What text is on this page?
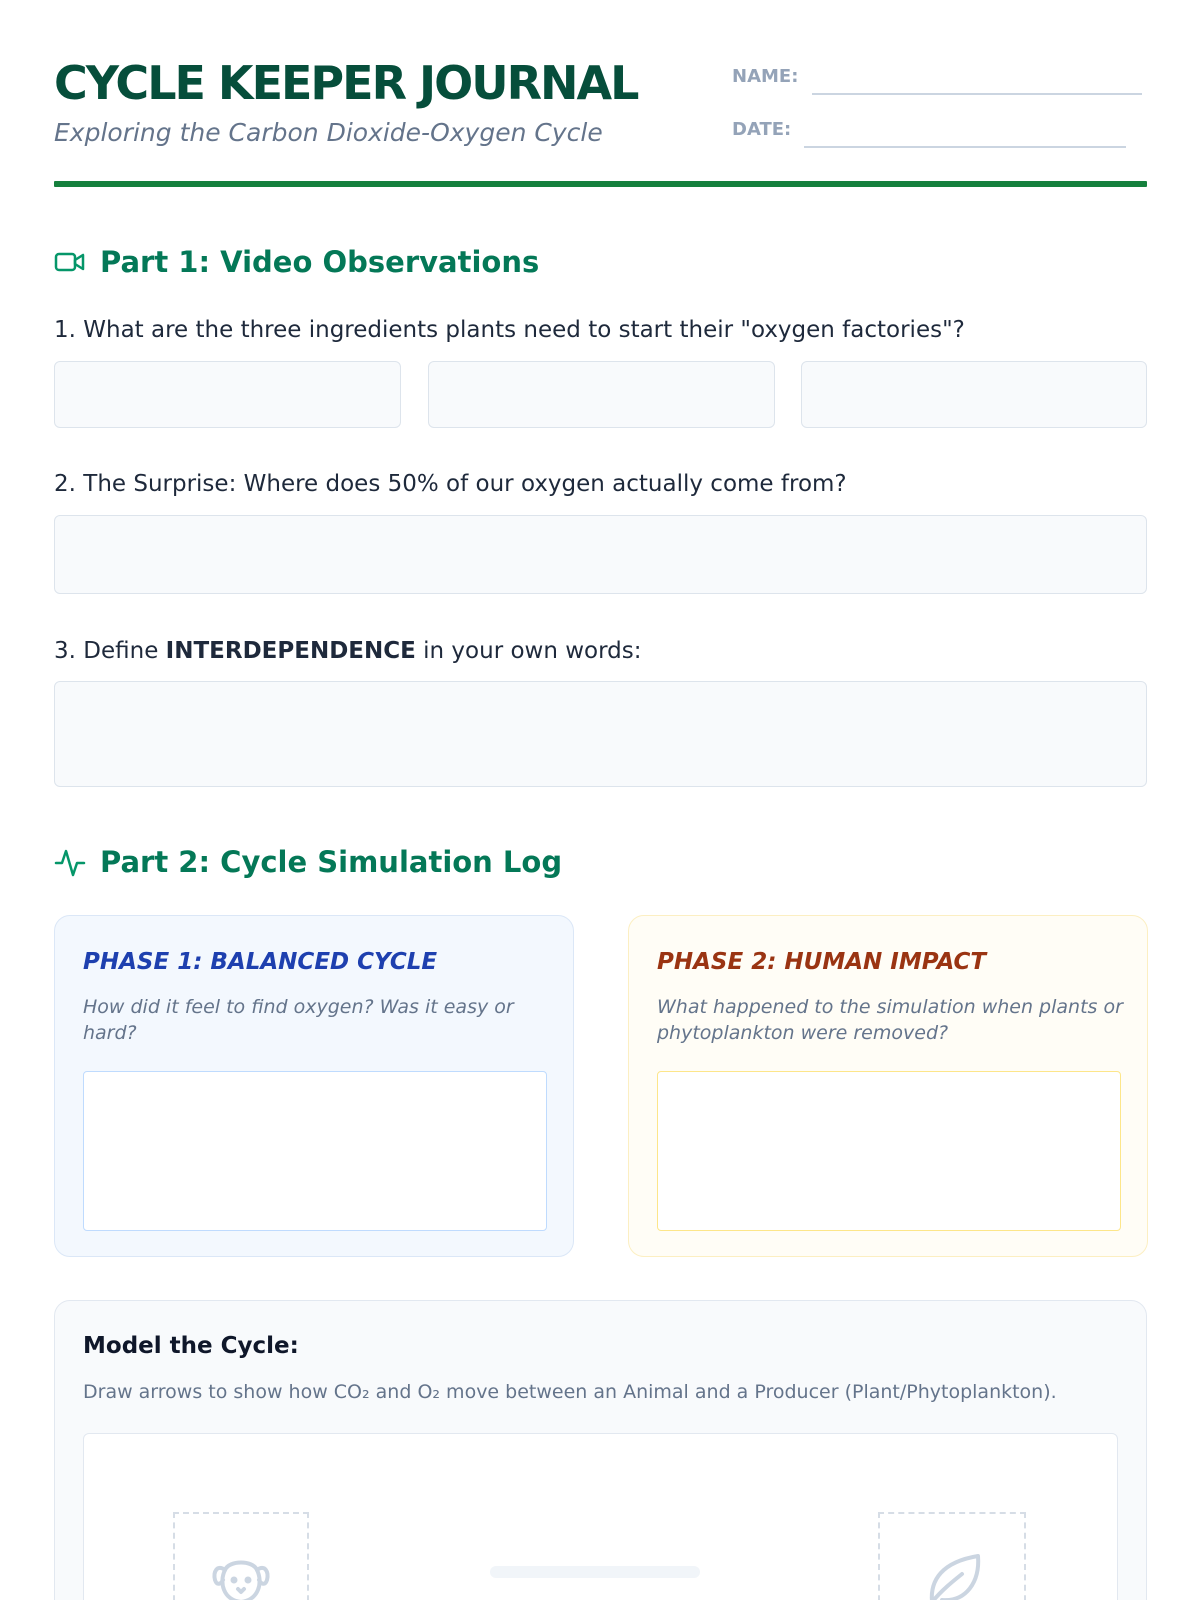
CYCLE KEEPER JOURNAL
Exploring the Carbon Dioxide-Oxygen Cycle
NAME:
DATE:
Part 1: Video Observations
1. What are the three ingredients plants need to start their "oxygen factories"?
2. The Surprise: Where does 50% of our oxygen actually come from?
3. Define INTERDEPENDENCE in your own words:
Part 2: Cycle Simulation Log
PHASE 1: BALANCED CYCLE
How did it feel to find oxygen? Was it easy or hard?
PHASE 2: HUMAN IMPACT
What happened to the simulation when plants or phytoplankton were removed?
Model the Cycle:
Draw arrows to show how CO₂ and O₂ move between an Animal and a Producer (Plant/Phytoplankton).
